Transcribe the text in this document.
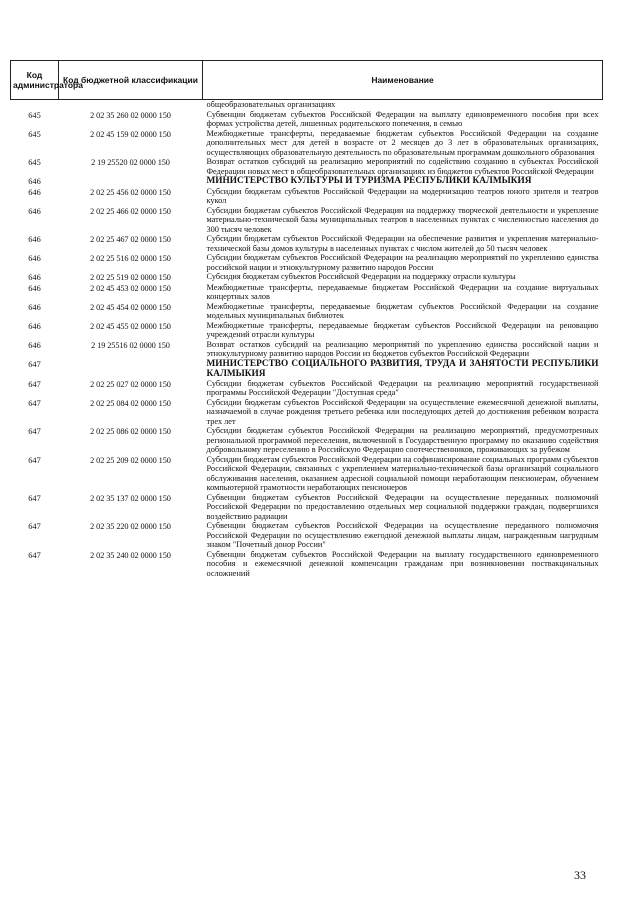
Код администратора	Код бюджетной классификации	Наименование
		общеобразовательных организациях
645	2 02 35 260 02 0000 150	Субвенции бюджетам субъектов Российской Федерации на выплату единовременного пособия при всех формах устройства детей, лишенных родительского попечения, в семью
645	2 02 45 159 02 0000 150	Межбюджетные трансферты, передаваемые бюджетам субъектов Российской Федерации на создание дополнительных мест для детей в возрасте от 2 месяцев до 3 лет в образовательных организациях, осуществляющих образовательную деятельность по образовательным программам дошкольного образования
645	2 19 25520 02 0000 150	Возврат остатков субсидий на реализацию мероприятий по содействию созданию в субъектах Российской Федерации новых мест в общеобразовательных организациях из бюджетов субъектов Российской Федерации
646		МИНИСТЕРСТВО КУЛЬТУРЫ И ТУРИЗМА РЕСПУБЛИКИ КАЛМЫКИЯ
646	2 02 25 456 02 0000 150	Субсидии бюджетам субъектов Российской Федерации на модернизацию театров юного зрителя и театров кукол
646	2 02 25 466 02 0000 150	Субсидии бюджетам субъектов Российской Федерации на поддержку творческой деятельности и укрепление материально-технической базы муниципальных театров в населенных пунктах с численностью населения до 300 тысяч человек
646	2 02 25 467 02 0000 150	Субсидии бюджетам субъектов Российской Федерации на обеспечение развития и укрепления материально-технической базы домов культуры в населенных пунктах с числом жителей до 50 тысяч человек
646	2 02 25 516 02 0000 150	Субсидии бюджетам субъектов Российской Федерации на реализацию мероприятий по укреплению единства российской нации и этнокультурному развитию народов России
646	2 02 25 519 02 0000 150	Субсидия бюджетам субъектов Российской Федерации на поддержку отрасли культуры
646	2 02 45 453 02 0000 150	Межбюджетные трансферты, передаваемые бюджетам Российской Федерации на создание виртуальных концертных залов
646	2 02 45 454 02 0000 150	Межбюджетные трансферты, передаваемые бюджетам субъектов Российской Федерации на создание модельных муниципальных библиотек
646	2 02 45 455 02 0000 150	Межбюджетные трансферты, передаваемые бюджетам субъектов Российской Федерации на реновацию учреждений отрасли культуры
646	2 19 25516 02 0000 150	Возврат остатков субсидий на реализацию мероприятий по укреплению единства российской нации и этнокультурному развитию народов России из бюджетов субъектов Российской Федерации
647		МИНИСТЕРСТВО СОЦИАЛЬНОГО РАЗВИТИЯ, ТРУДА И ЗАНЯТОСТИ РЕСПУБЛИКИ КАЛМЫКИЯ
647	2 02 25 027 02 0000 150	Субсидии бюджетам субъектов Российской Федерации на реализацию мероприятий государственной программы Российской Федерации "Доступная среда"
647	2 02 25 084 02 0000 150	Субсидии бюджетам субъектов Российской Федерации на осуществление ежемесячной денежной выплаты, назначаемой в случае рождения третьего ребенка или последующих детей до достижения ребенком возраста трех лет
647	2 02 25 086 02 0000 150	Субсидии бюджетам субъектов Российской Федерации на реализацию мероприятий, предусмотренных региональной программой переселения, включенной в Государственную программу по оказанию содействия добровольному переселению в Российскую Федерацию соотечественников, проживающих за рубежом
647	2 02 25 209 02 0000 150	Субсидии бюджетам субъектов Российской Федерации на софинансирование социальных программ субъектов Российской Федерации, связанных с укреплением материально-технической базы организаций социального обслуживания населения, оказанием адресной социальной помощи неработающим пенсионерам, обучением компьютерной грамотности неработающих пенсионеров
647	2 02 35 137 02 0000 150	Субвенции бюджетам субъектов Российской Федерации на осуществление переданных полномочий Российской Федерации по предоставлению отдельных мер социальной поддержки граждан, подвергшихся воздействию радиации
647	2 02 35 220 02 0000 150	Субвенции бюджетам субъектов Российской Федерации на осуществление переданного полномочия Российской Федерации по осуществлению ежегодной денежной выплаты лицам, награжденным нагрудным знаком "Почетный донор России"
647	2 02 35 240 02 0000 150	Субвенции бюджетам субъектов Российской Федерации на выплату государственного единовременного пособия и ежемесячной денежной компенсации гражданам при возникновении поствакцинальных осложнений
33
